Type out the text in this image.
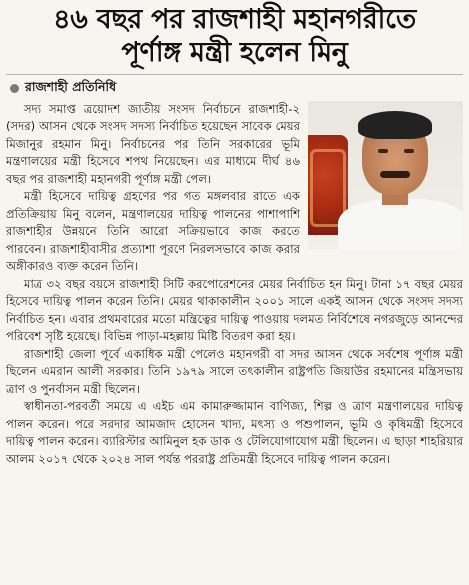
৪৬ বছর পর রাজশাহী মহানগরীতে
পূর্ণাঙ্গ মন্ত্রী হলেন মিনু
রাজশাহী প্রতিনিধি

সদ্য সমাপ্ত ত্রয়োদশ জাতীয় সংসদ নির্বাচনে রাজশাহী-২ (সদর) আসন থেকে সংসদ সদস্য নির্বাচিত হয়েছেন সাবেক মেয়র মিজানুর রহমান মিনু। নির্বাচনের পর তিনি সরকারের ভূমি মন্ত্রণালয়ের মন্ত্রী হিসেবে শপথ নিয়েছেন। এর মাধ্যমে দীর্ঘ ৪৬ বছর পর রাজশাহী মহানগরী পূর্ণাঙ্গ মন্ত্রী পেল।

মন্ত্রী হিসেবে দায়িত্ব গ্রহণের পর গত মঙ্গলবার রাতে এক প্রতিক্রিয়ায় মিনু বলেন, মন্ত্রণালয়ের দায়িত্ব পালনের পাশাপাশি রাজশাহীর উন্নয়নে তিনি আরো সক্রিয়ভাবে কাজ করতে পারবেন। রাজশাহীবাসীর প্রত্যাশা পূরণে নিরলসভাবে কাজ করার অঙ্গীকারও ব্যক্ত করেন তিনি।

মাত্র ৩২ বছর বয়সে রাজশাহী সিটি করপোরেশনের মেয়র নির্বাচিত হন মিনু। টানা ১৭ বছর মেয়র হিসেবে দায়িত্ব পালন করেন তিনি। মেয়র থাকাকালীন ২০০১ সালে একই আসন থেকে সংসদ সদস্য নির্বাচিত হন। এবার প্রথমবারের মতো মন্ত্রিত্বের দায়িত্ব পাওয়ায় দলমত নির্বিশেষে নগরজুড়ে আনন্দের পরিবেশ সৃষ্টি হয়েছে। বিভিন্ন পাড়া-মহল্লায় মিষ্টি বিতরণ করা হয়।

রাজশাহী জেলা পূর্বে একাধিক মন্ত্রী পেলেও মহানগরী বা সদর আসন থেকে সর্বশেষ পূর্ণাঙ্গ মন্ত্রী ছিলেন এমরান আলী সরকার। তিনি ১৯৭৯ সালে তৎকালীন রাষ্ট্রপতি জিয়াউর রহমানের মন্ত্রিসভায় ত্রাণ ও পুনর্বাসন মন্ত্রী ছিলেন।

স্বাধীনতা-পরবর্তী সময়ে এ এইচ এম কামারুজ্জামান বাণিজ্য, শিল্প ও ত্রাণ মন্ত্রণালয়ের দায়িত্ব পালন করেন। পরে সরদার আমজাদ হোসেন খাদ্য, মৎস্য ও পশুপালন, ভূমি ও কৃষিমন্ত্রী হিসেবে দায়িত্ব পালন করেন। ব্যারিস্টার আমিনুল হক ডাক ও টেলিযোগাযোগ মন্ত্রী ছিলেন। এ ছাড়া শাহরিয়ার আলম ২০১৭ থেকে ২০২৪ সাল পর্যন্ত পররাষ্ট্র প্রতিমন্ত্রী হিসেবে দায়িত্ব পালন করেন।
